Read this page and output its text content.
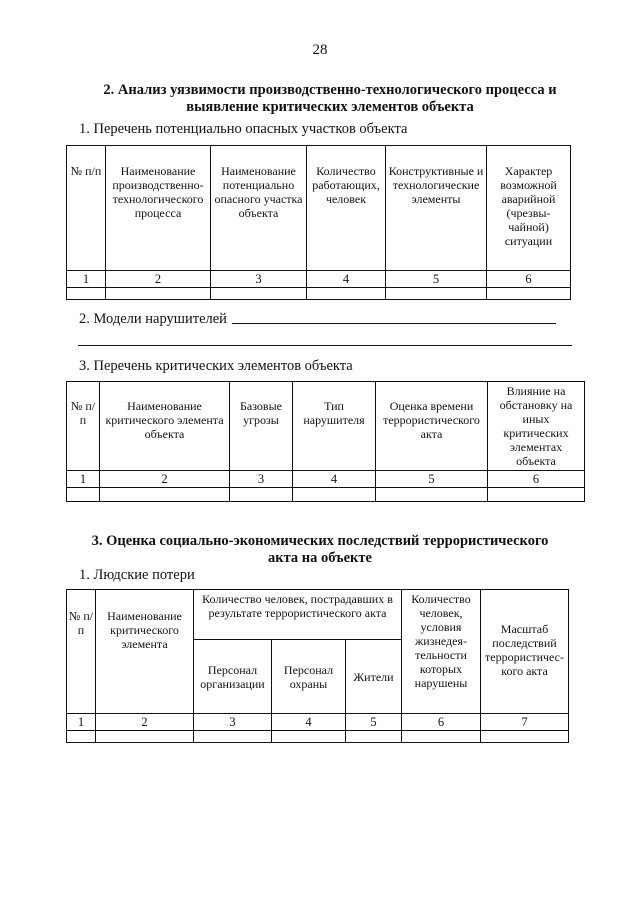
28
2. Анализ уязвимости производственно-технологического процесса и
выявление критических элементов объекта
1. Перечень потенциально опасных участков объекта
№ п/п	Наименование производственно-технологического процесса	Наименование потенциально опасного участка объекта	Количество работающих, человек	Конструктивные и технологические элементы	Характер возможной аварийной (чрезвы-чайной) ситуации
1	2	3	4	5	6

2. Модели нарушителей
3. Перечень критических элементов объекта
№ п/п	Наименование критического элемента объекта	Базовые угрозы	Тип нарушителя	Оценка времени террористического акта	Влияние на обстановку на иных критических элементах объекта
1	2	3	4	5	6

3. Оценка социально-экономических последствий террористического
акта на объекте
1. Людские потери
№ п/п	Наименование критического элемента	Количество человек, пострадавших в результате террористического акта			Количество человек, условия жизнедея-тельности которых нарушены	Масштаб последствий террористичес-кого акта
		Персонал организации	Персонал охраны	Жители		
1	2	3	4	5	6	7
